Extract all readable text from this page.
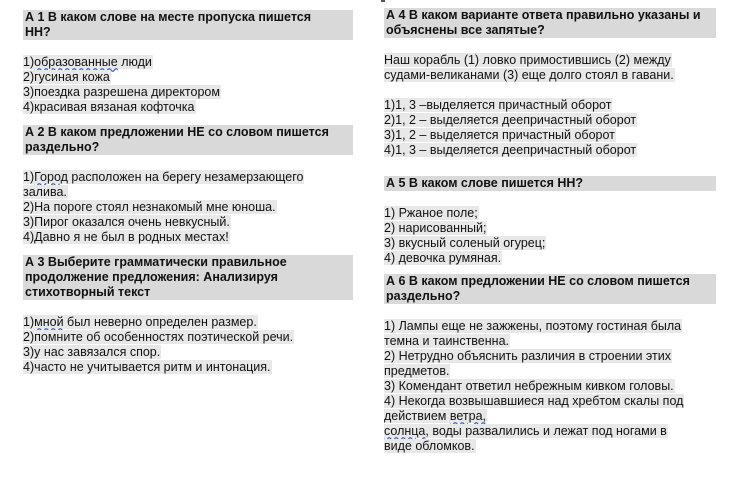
А 1 В каком слове на месте пропуска пишется
НН?
1)образованные люди
2)гусиная кожа
3)поездка разрешена директором
4)красивая вязаная кофточка
А 2 В каком предложении НЕ со словом пишется
раздельно?
1)Город расположен на берегу незамерзающего
залива.
2)На пороге стоял незнакомый мне юноша.
3)Пирог оказался очень невкусный.
4)Давно я не был в родных местах!
А 3 Выберите грамматически правильное
продолжение предложения: Анализируя
стихотворный текст
1)мной был неверно определен размер.
2)помните об особенностях поэтической речи.
3)у нас завязался спор.
4)часто не учитывается ритм и интонация.
А 4 В каком варианте ответа правильно указаны и
объяснены все запятые?
Наш корабль (1) ловко примостившись (2) между
судами-великанами (3) еще долго стоял в гавани.
1)1, 3 –выделяется причастный оборот
2)1, 2 – выделяется деепричастный оборот
3)1, 2 – выделяется причастный оборот
4)1, 3 – выделяется деепричастный оборот
А 5 В каком слове пишется НН?
1) Ржаное поле;
2) нарисованный;
3) вкусный соленый огурец;
4) девочка румяная.
А 6 В каком предложении НЕ со словом пишется
раздельно?
1) Лампы еще не зажжены, поэтому гостиная была
темна и таинственна.
2) Нетрудно объяснить различия в строении этих
предметов.
3) Комендант ответил небрежным кивком головы.
4) Некогда возвышавшиеся над хребтом скалы под
действием ветра,
солнца, воды развалились и лежат под ногами в
виде обломков.
